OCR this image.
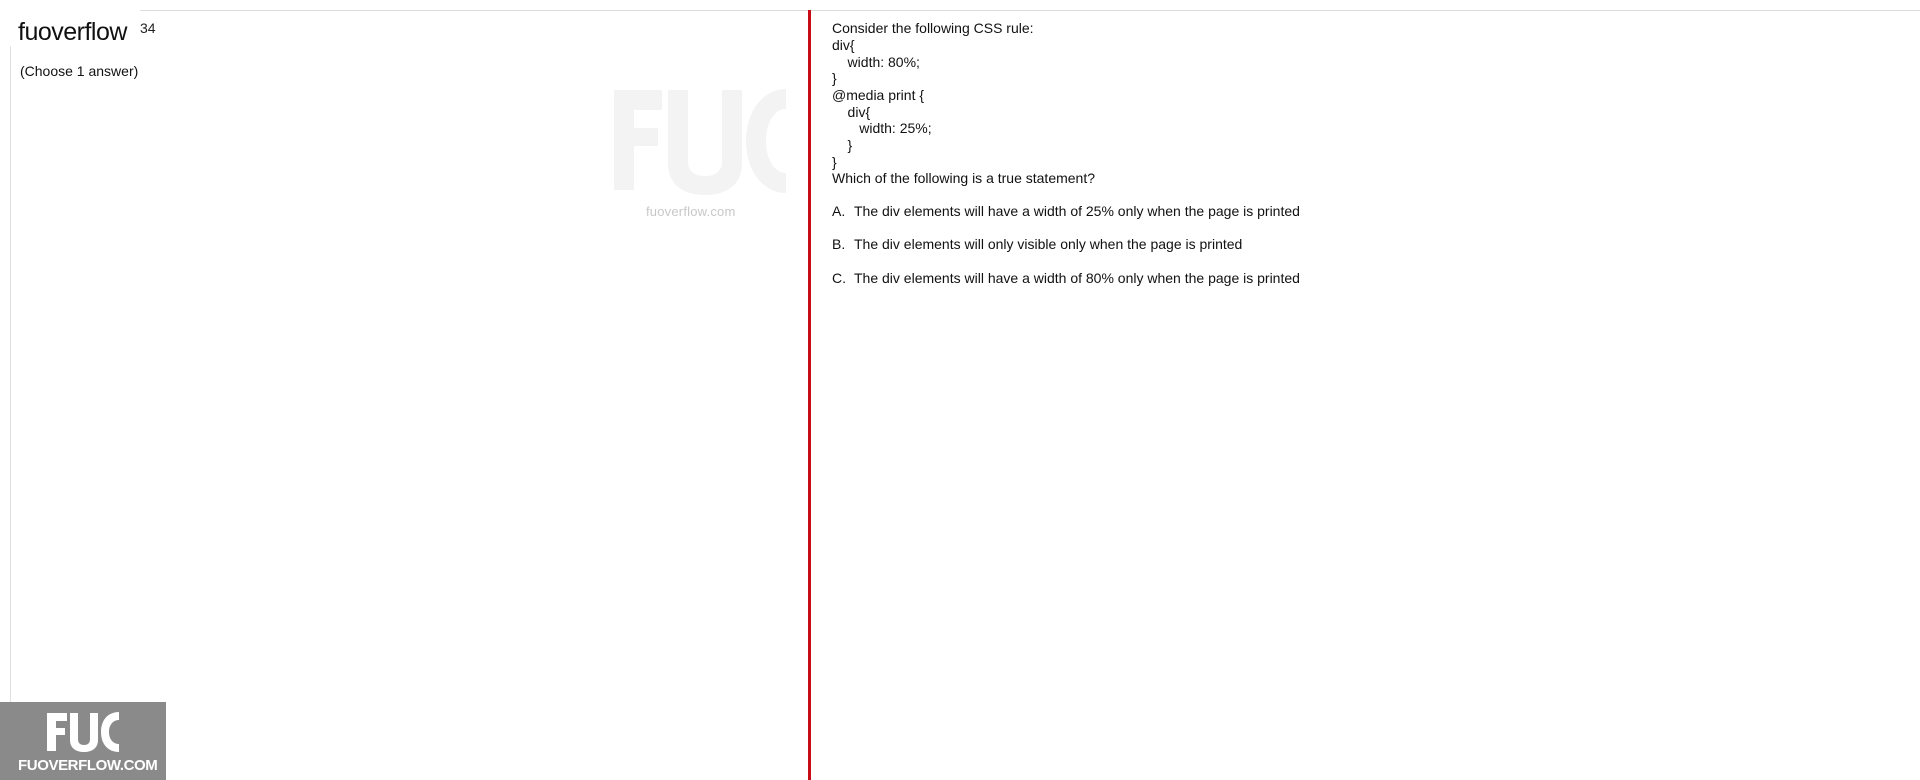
fuoverflow 34
(Choose 1 answer)
fuoverflow.com
Consider the following CSS rule:
div{
width: 80%;
}
@media print {
div{
width: 25%;
}
}
Which of the following is a true statement?
A. The div elements will have a width of 25% only when the page is printed
B. The div elements will only visible only when the page is printed
C. The div elements will have a width of 80% only when the page is printed
FUOVERFLOW.COM
